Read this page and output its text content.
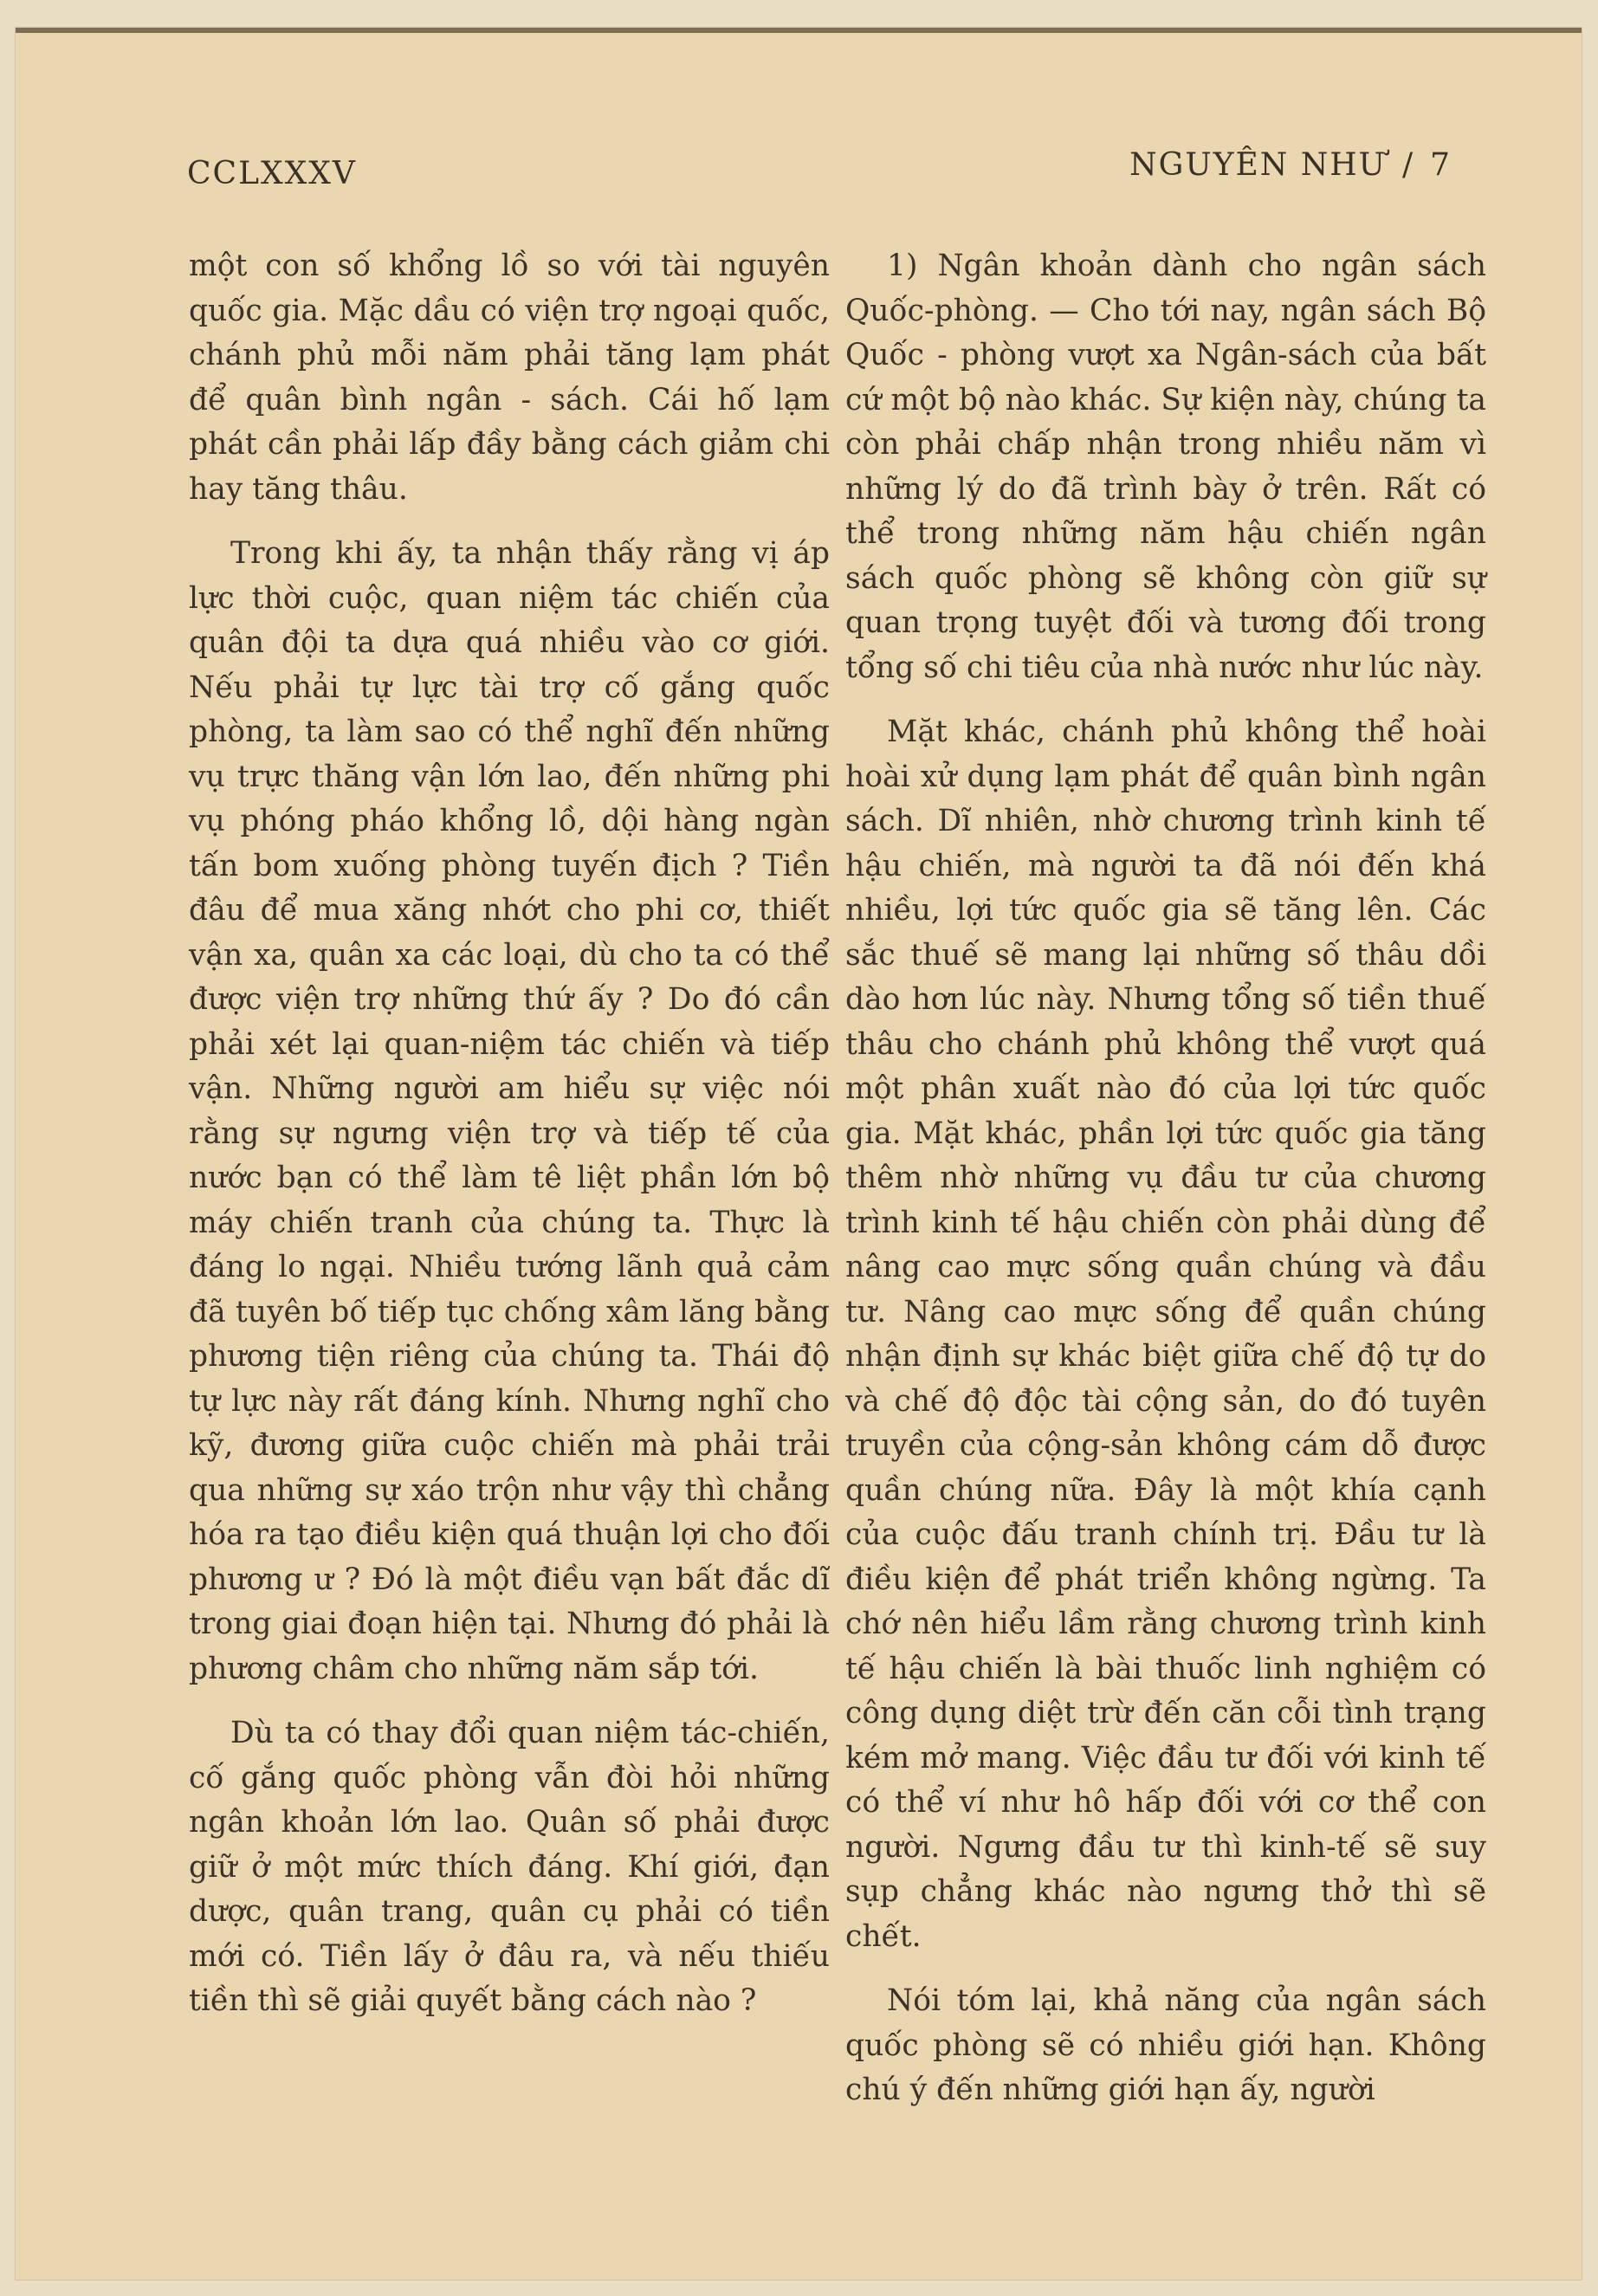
CCLXXXV	NGUYÊN NHƯ / 7

một con số khổng lồ so với tài nguyên quốc gia. Mặc dầu có viện trợ ngoại quốc, chánh phủ mỗi năm phải tăng lạm phát để quân bình ngân - sách. Cái hố lạm phát cần phải lấp đầy bằng cách giảm chi hay tăng thâu.

Trong khi ấy, ta nhận thấy rằng vị áp lực thời cuộc, quan niệm tác chiến của quân đội ta dựa quá nhiều vào cơ giới. Nếu phải tự lực tài trợ cố gắng quốc phòng, ta làm sao có thể nghĩ đến những vụ trực thăng vận lớn lao, đến những phi vụ phóng pháo khổng lồ, dội hàng ngàn tấn bom xuống phòng tuyến địch ? Tiền đâu để mua xăng nhớt cho phi cơ, thiết vận xa, quân xa các loại, dù cho ta có thể được viện trợ những thứ ấy ? Do đó cần phải xét lại quan-niệm tác chiến và tiếp vận. Những người am hiểu sự việc nói rằng sự ngưng viện trợ và tiếp tế của nước bạn có thể làm tê liệt phần lớn bộ máy chiến tranh của chúng ta. Thực là đáng lo ngại. Nhiều tướng lãnh quả cảm đã tuyên bố tiếp tục chống xâm lăng bằng phương tiện riêng của chúng ta. Thái độ tự lực này rất đáng kính. Nhưng nghĩ cho kỹ, đương giữa cuộc chiến mà phải trải qua những sự xáo trộn như vậy thì chẳng hóa ra tạo điều kiện quá thuận lợi cho đối phương ư ? Đó là một điều vạn bất đắc dĩ trong giai đoạn hiện tại. Nhưng đó phải là phương châm cho những năm sắp tới.

Dù ta có thay đổi quan niệm tác-chiến, cố gắng quốc phòng vẫn đòi hỏi những ngân khoản lớn lao. Quân số phải được giữ ở một mức thích đáng. Khí giới, đạn dược, quân trang, quân cụ phải có tiền mới có. Tiền lấy ở đâu ra, và nếu thiếu tiền thì sẽ giải quyết bằng cách nào ?

1) Ngân khoản dành cho ngân sách Quốc-phòng. — Cho tới nay, ngân sách Bộ Quốc - phòng vượt xa Ngân-sách của bất cứ một bộ nào khác. Sự kiện này, chúng ta còn phải chấp nhận trong nhiều năm vì những lý do đã trình bày ở trên. Rất có thể trong những năm hậu chiến ngân sách quốc phòng sẽ không còn giữ sự quan trọng tuyệt đối và tương đối trong tổng số chi tiêu của nhà nước như lúc này.

Mặt khác, chánh phủ không thể hoài hoài xử dụng lạm phát để quân bình ngân sách. Dĩ nhiên, nhờ chương trình kinh tế hậu chiến, mà người ta đã nói đến khá nhiều, lợi tức quốc gia sẽ tăng lên. Các sắc thuế sẽ mang lại những số thâu dồi dào hơn lúc này. Nhưng tổng số tiền thuế thâu cho chánh phủ không thể vượt quá một phân xuất nào đó của lợi tức quốc gia. Mặt khác, phần lợi tức quốc gia tăng thêm nhờ những vụ đầu tư của chương trình kinh tế hậu chiến còn phải dùng để nâng cao mực sống quần chúng và đầu tư. Nâng cao mực sống để quần chúng nhận định sự khác biệt giữa chế độ tự do và chế độ độc tài cộng sản, do đó tuyên truyền của cộng-sản không cám dỗ được quần chúng nữa. Đây là một khía cạnh của cuộc đấu tranh chính trị. Đầu tư là điều kiện để phát triển không ngừng. Ta chớ nên hiểu lầm rằng chương trình kinh tế hậu chiến là bài thuốc linh nghiệm có công dụng diệt trừ đến căn cỗi tình trạng kém mở mang. Việc đầu tư đối với kinh tế có thể ví như hô hấp đối với cơ thể con người. Ngưng đầu tư thì kinh-tế sẽ suy sụp chẳng khác nào ngưng thở thì sẽ chết.

Nói tóm lại, khả năng của ngân sách quốc phòng sẽ có nhiều giới hạn. Không chú ý đến những giới hạn ấy, người
